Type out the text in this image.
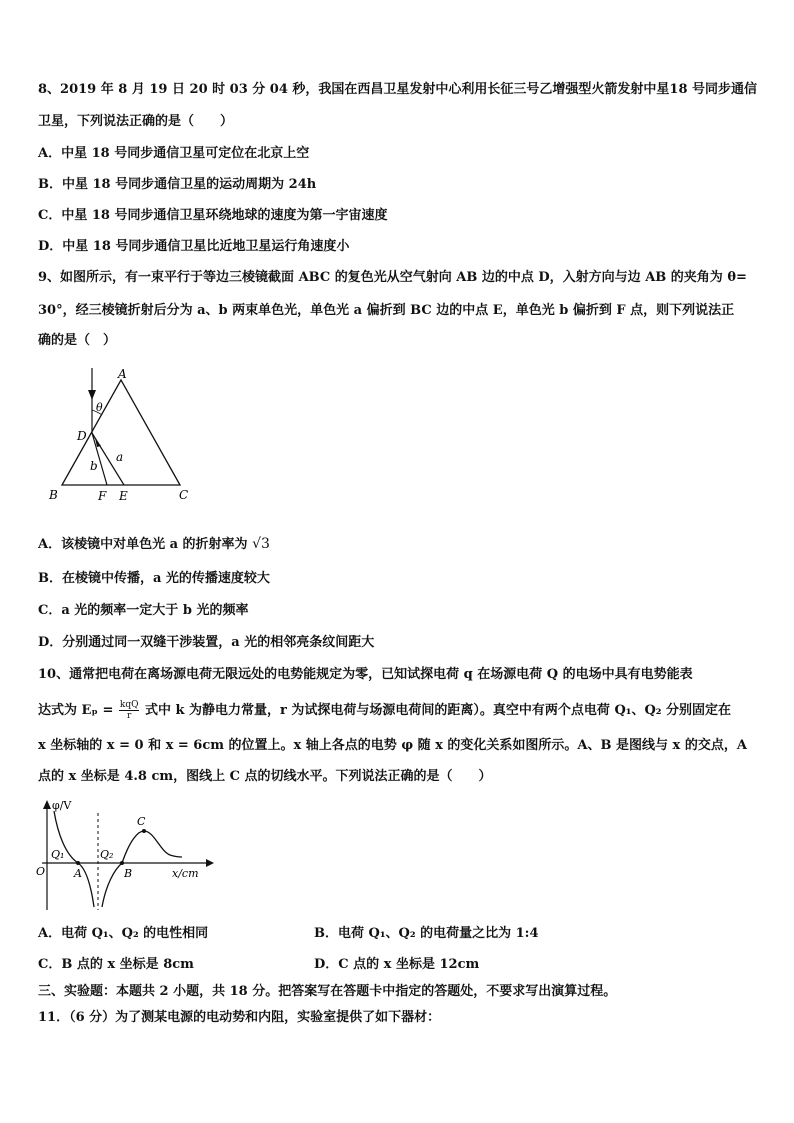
8、2019 年 8 月 19 日 20 时 03 分 04 秒，我国在西昌卫星发射中心利用长征三号乙增强型火箭发射中星18 号同步通信
卫星，下列说法正确的是（　　）
A．中星 18 号同步通信卫星可定位在北京上空
B．中星 18 号同步通信卫星的运动周期为 24h
C．中星 18 号同步通信卫星环绕地球的速度为第一宇宙速度
D．中星 18 号同步通信卫星比近地卫星运行角速度小
9、如图所示，有一束平行于等边三棱镜截面 ABC 的复色光从空气射向 AB 边的中点 D，入射方向与边 AB 的夹角为 θ=
30°，经三棱镜折射后分为 a、b 两束单色光，单色光 a 偏折到 BC 边的中点 E，单色光 b 偏折到 F 点，则下列说法正
确的是（　）
A
θ
D
a
b
B	F E	C
A．该棱镜中对单色光 a 的折射率为 √3
B．在棱镜中传播，a 光的传播速度较大
C．a 光的频率一定大于 b 光的频率
D．分别通过同一双缝干涉装置，a 光的相邻亮条纹间距大
10、通常把电荷在离场源电荷无限远处的电势能规定为零，已知试探电荷 q 在场源电荷 Q 的电场中具有电势能表
达式为 $E_p = \frac{\text{kqQ}}{r}$ 式中 k 为静电力常量，r 为试探电荷与场源电荷间的距离）。真空中有两个点电荷 Q₁、Q₂ 分别固定在
x 坐标轴的 x = 0 和 x = 6cm 的位置上。x 轴上各点的电势 φ 随 x 的变化关系如图所示。A、B 是图线与 x 的交点，A
点的 x 坐标是 4.8 cm，图线上 C 点的切线水平。下列说法正确的是（　　）
φ/V
Q₁	Q₂
C
O	A	B	x/cm
A．电荷 Q₁、Q₂ 的电性相同	B．电荷 Q₁、Q₂ 的电荷量之比为 1:4
C．B 点的 x 坐标是 8cm	D．C 点的 x 坐标是 12cm
三、实验题：本题共 2 小题，共 18 分。把答案写在答题卡中指定的答题处，不要求写出演算过程。
11．（6 分）为了测某电源的电动势和内阻，实验室提供了如下器材：
